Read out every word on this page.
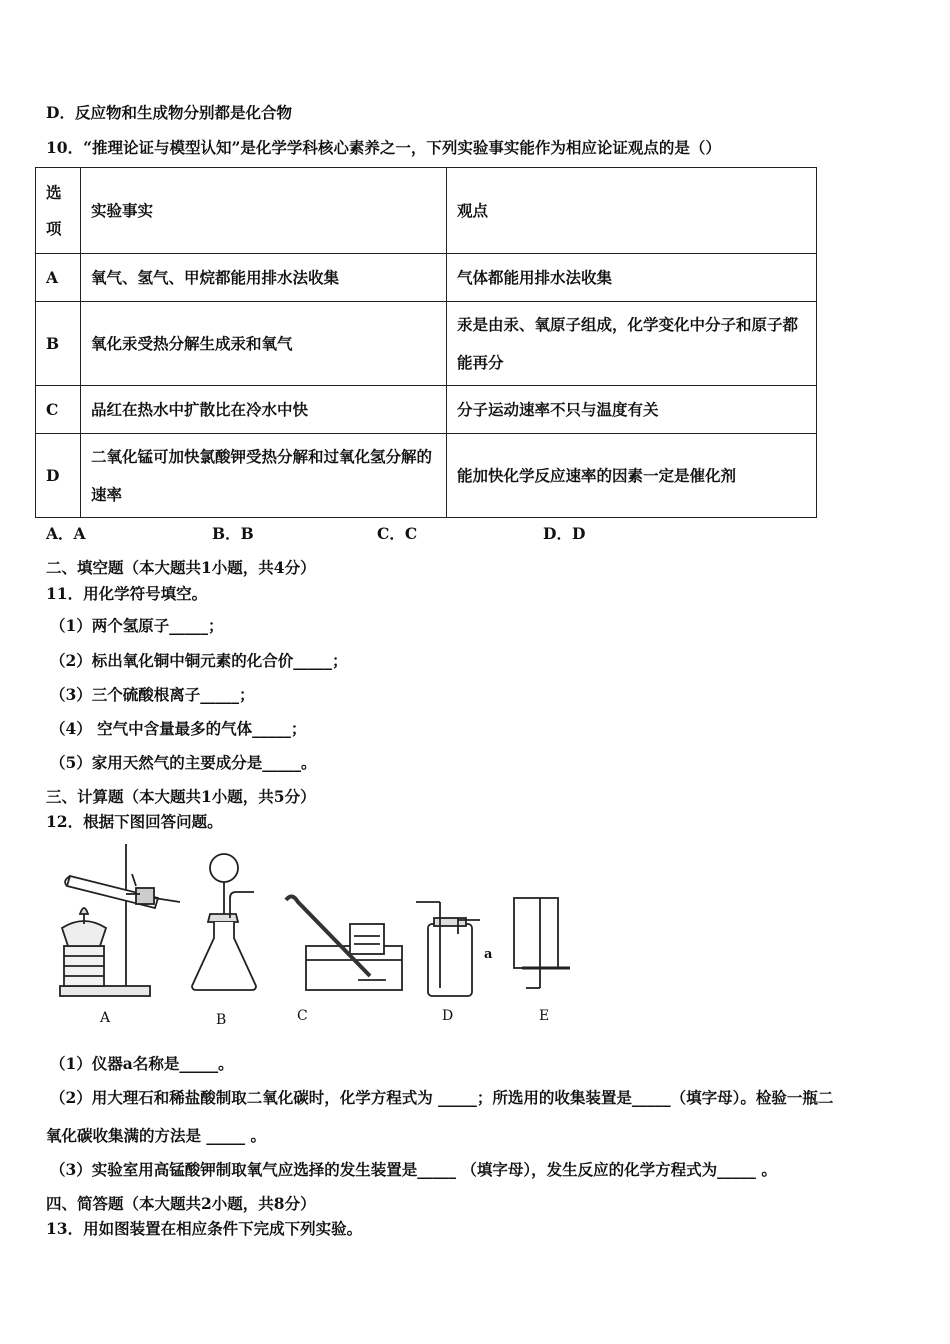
D．反应物和生成物分别都是化合物
10．“推理论证与模型认知”是化学学科核心素养之一，下列实验事实能作为相应论证观点的是（）
选
项	实验事实	观点
A	氧气、氢气、甲烷都能用排水法收集	气体都能用排水法收集
B	氧化汞受热分解生成汞和氧气	汞是由汞、氧原子组成，化学变化中分子和原子都能再分
C	品红在热水中扩散比在冷水中快	分子运动速率不只与温度有关
D	二氧化锰可加快氯酸钾受热分解和过氧化氢分解的速率	能加快化学反应速率的因素一定是催化剂
A．A	B．B	C．C	D．D
二、填空题（本大题共1小题，共4分）
11．用化学符号填空。
（1）两个氢原子_____；
（2）标出氧化铜中铜元素的化合价_____；
（3）三个硫酸根离子_____；
（4） 空气中含量最多的气体_____；
（5）家用天然气的主要成分是_____。
三、计算题（本大题共1小题，共5分）
12．根据下图回答问题。
a
A	B	C	D	E
（1）仪器a名称是_____。
（2）用大理石和稀盐酸制取二氧化碳时，化学方程式为 _____；所选用的收集装置是_____（填字母）。检验一瓶二
氧化碳收集满的方法是 _____ 。
（3）实验室用高锰酸钾制取氧气应选择的发生装置是_____ （填字母），发生反应的化学方程式为_____ 。
四、简答题（本大题共2小题，共8分）
13．用如图装置在相应条件下完成下列实验。
